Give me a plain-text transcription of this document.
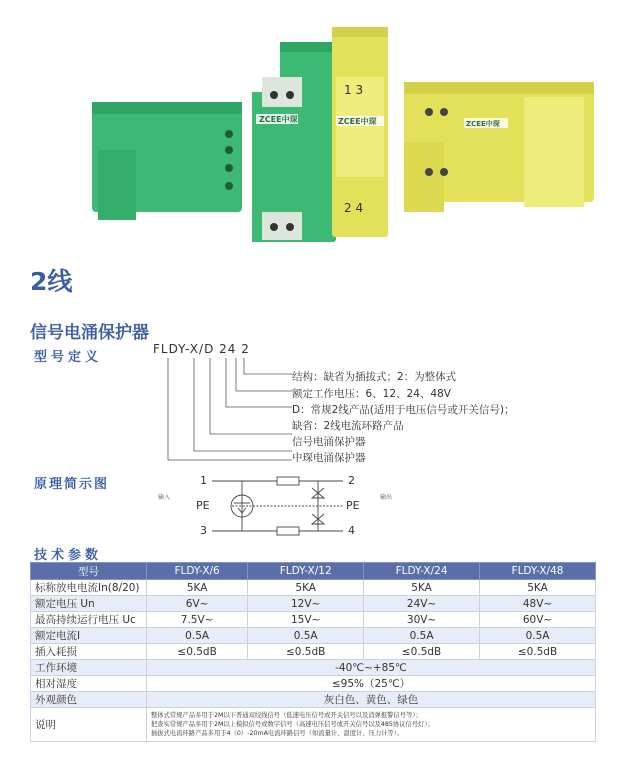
ZCEE中琛	ZCEE中琛
1 3
2 4
ZCEE中琛
2线
信号电涌保护器
型号定义
FLDY-X/D 24 2
结构：缺省为插拔式；2：为整体式
额定工作电压：6、12、24、48V
D：常规2线产品(适用于电压信号或开关信号)；
缺省：2线电流环路产品
信号电涌保护器
中琛电涌保护器
原理简示图
输入	输出
1	2
3	4
PE	PE
技术参数
型号	FLDY-X/6	FLDY-X/12	FLDY-X/24	FLDY-X/48
标称放电电流In(8/20)	5KA	5KA	5KA	5KA
额定电压 Un	6V~	12V~	24V~	48V~
最高持续运行电压 Uc	7.5V~	15V~	30V~	60V~
额定电流I	0.5A	0.5A	0.5A	0.5A
插入耗损	≤0.5dB	≤0.5dB	≤0.5dB	≤0.5dB
工作环境	-40℃~+85℃			
相对湿度	≤95%（25℃）			
外观颜色	灰白色、黄色、绿色			
说明	整体式常规产品多用于2M以下普通双绞线信号（低速电压信号或开关信号以及消弹报警信号等）；
把查实常规产品多用于2M以上模拟信号或数字信号（高速电压信号或开关信号以及485协议信号灯）；
插拔式电流环路产品多用于4（0）-20mA电流环路信号（如流量计、温度计、压力计等）。			
